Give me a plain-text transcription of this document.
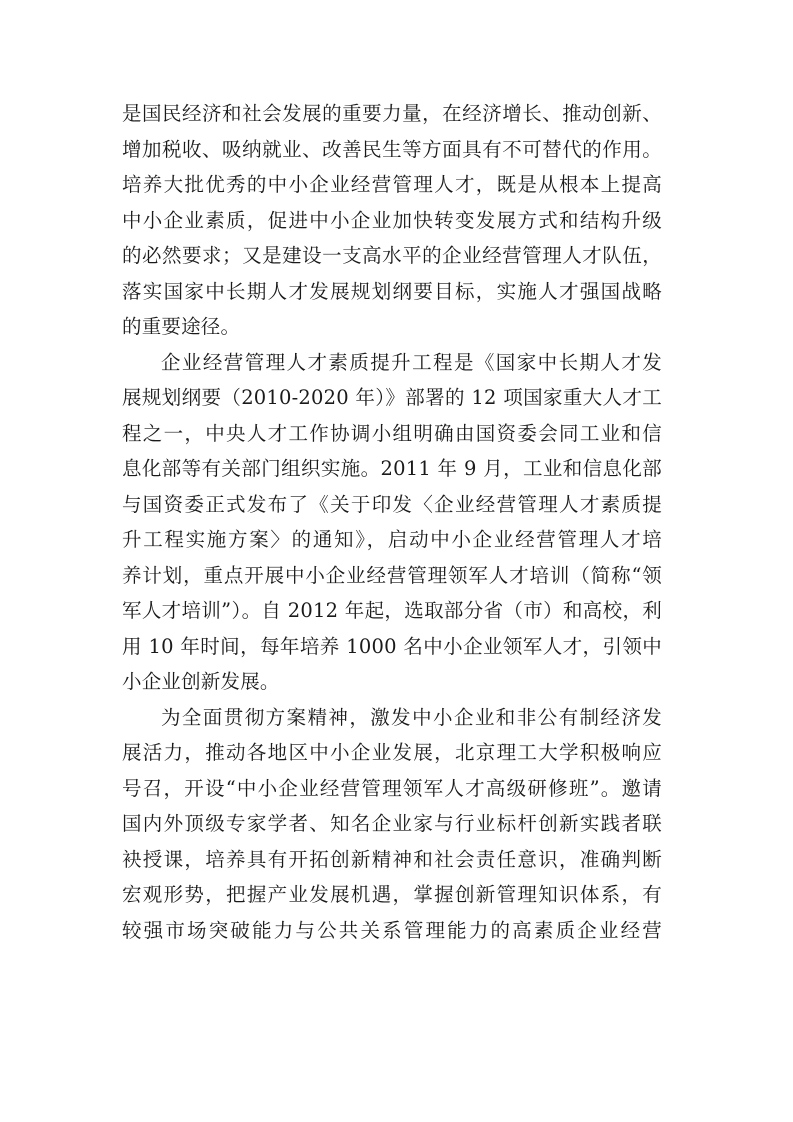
是国民经济和社会发展的重要力量，在经济增长、推动创新、
增加税收、吸纳就业、改善民生等方面具有不可替代的作用。
培养大批优秀的中小企业经营管理人才，既是从根本上提高
中小企业素质，促进中小企业加快转变发展方式和结构升级
的必然要求；又是建设一支高水平的企业经营管理人才队伍，
落实国家中长期人才发展规划纲要目标，实施人才强国战略
的重要途径。
企业经营管理人才素质提升工程是《国家中长期人才发
展规划纲要（2010-2020 年）》部署的 12 项国家重大人才工
程之一，中央人才工作协调小组明确由国资委会同工业和信
息化部等有关部门组织实施。2011 年 9 月，工业和信息化部
与国资委正式发布了《关于印发〈企业经营管理人才素质提
升工程实施方案〉的通知》，启动中小企业经营管理人才培
养计划，重点开展中小企业经营管理领军人才培训（简称“领
军人才培训”）。自 2012 年起，选取部分省（市）和高校，利
用 10 年时间，每年培养 1000 名中小企业领军人才，引领中
小企业创新发展。
为全面贯彻方案精神，激发中小企业和非公有制经济发
展活力，推动各地区中小企业发展，北京理工大学积极响应
号召，开设“中小企业经营管理领军人才高级研修班”。邀请
国内外顶级专家学者、知名企业家与行业标杆创新实践者联
袂授课，培养具有开拓创新精神和社会责任意识，准确判断
宏观形势，把握产业发展机遇，掌握创新管理知识体系，有
较强市场突破能力与公共关系管理能力的高素质企业经营
